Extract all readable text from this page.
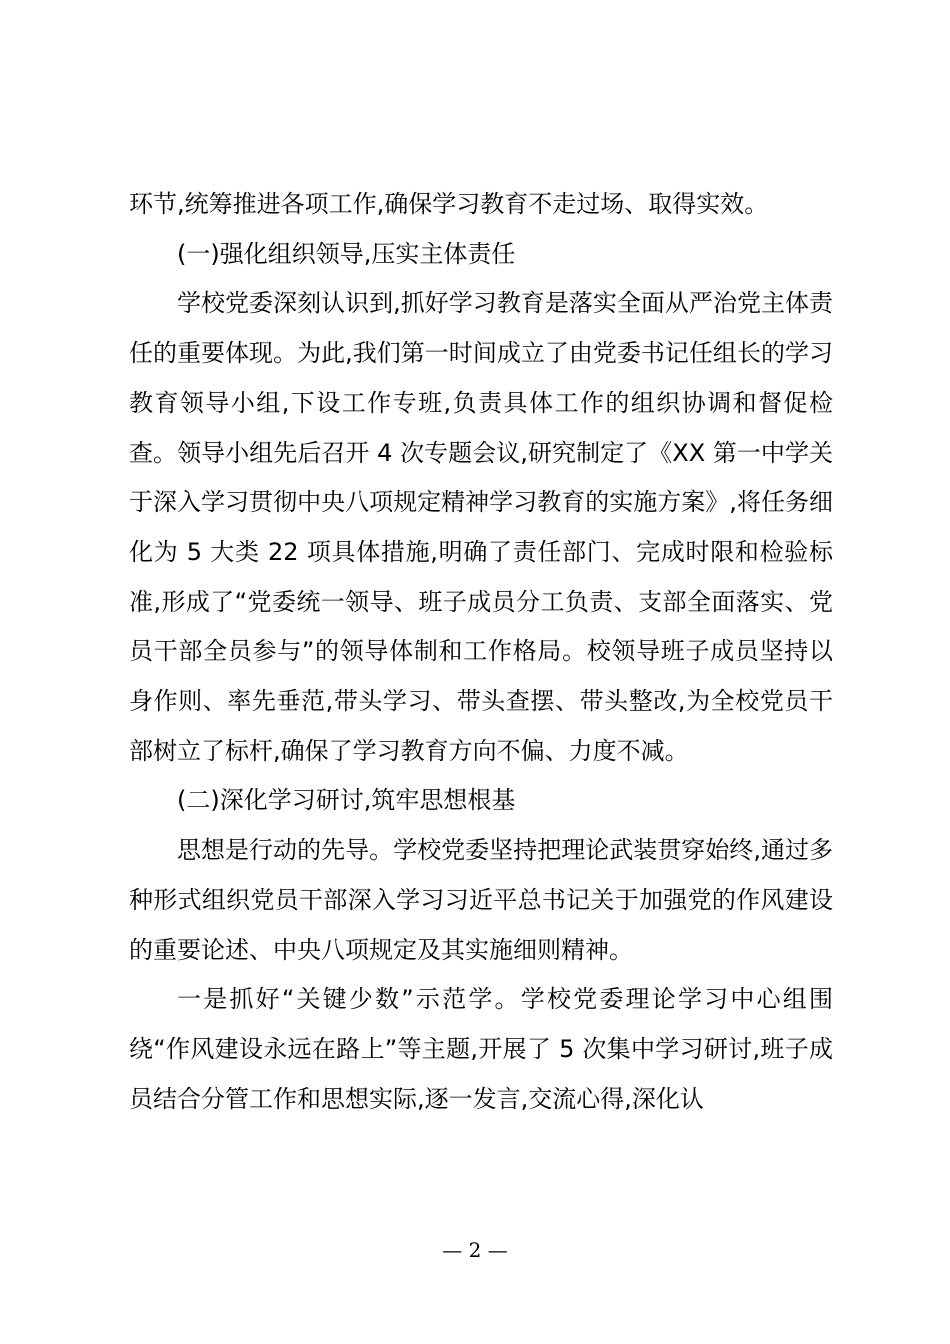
环节,统筹推进各项工作,确保学习教育不走过场、取得实效。

(一)强化组织领导,压实主体责任

学校党委深刻认识到,抓好学习教育是落实全面从严治党主体责任的重要体现。为此,我们第一时间成立了由党委书记任组长的学习教育领导小组,下设工作专班,负责具体工作的组织协调和督促检查。领导小组先后召开 4 次专题会议,研究制定了《XX 第一中学关于深入学习贯彻中央八项规定精神学习教育的实施方案》,将任务细化为 5 大类 22 项具体措施,明确了责任部门、完成时限和检验标准,形成了“党委统一领导、班子成员分工负责、支部全面落实、党员干部全员参与”的领导体制和工作格局。校领导班子成员坚持以身作则、率先垂范,带头学习、带头查摆、带头整改,为全校党员干部树立了标杆,确保了学习教育方向不偏、力度不减。

(二)深化学习研讨,筑牢思想根基

思想是行动的先导。学校党委坚持把理论武装贯穿始终,通过多种形式组织党员干部深入学习习近平总书记关于加强党的作风建设的重要论述、中央八项规定及其实施细则精神。

一是抓好“关键少数”示范学。学校党委理论学习中心组围绕“作风建设永远在路上”等主题,开展了 5 次集中学习研讨,班子成员结合分管工作和思想实际,逐一发言,交流心得,深化认

— 2 —
